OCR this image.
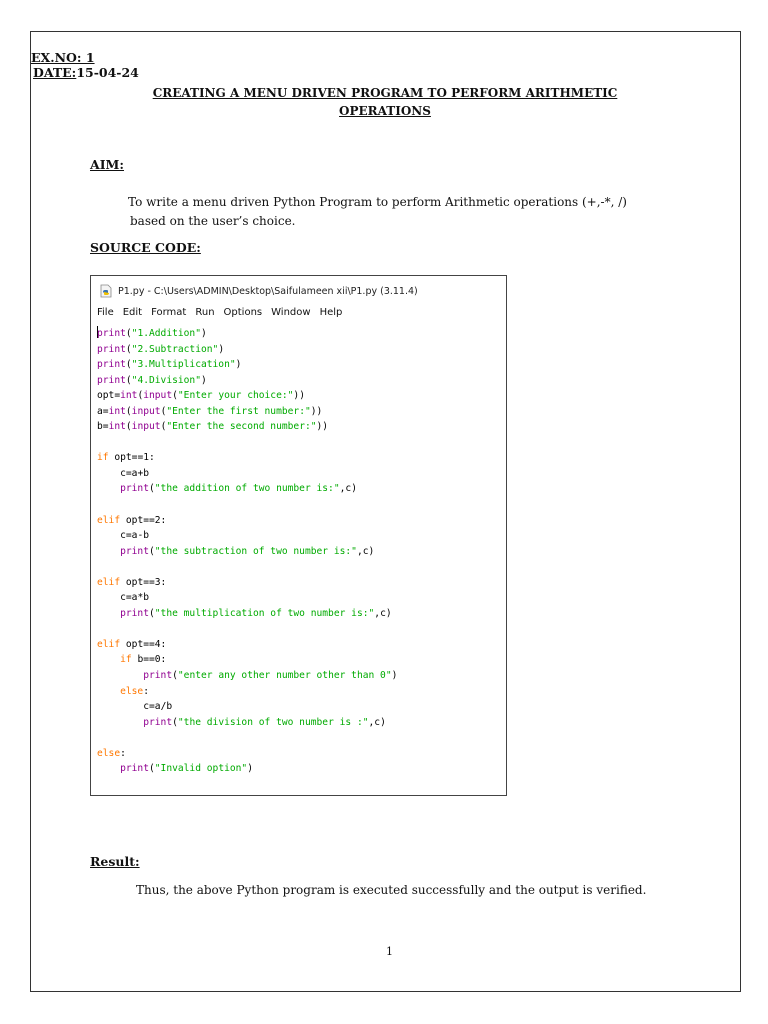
EX.NO: 1
DATE:15-04-24
CREATING A MENU DRIVEN PROGRAM TO PERFORM ARITHMETIC
OPERATIONS
AIM:
To write a menu driven Python Program to perform Arithmetic operations (+,-*, /)
based on the user’s choice.
SOURCE CODE:
P1.py - C:\Users\ADMIN\Desktop\Saifulameen xii\P1.py (3.11.4)
File Edit Format Run Options Window Help
print("1.Addition")
print("2.Subtraction")
print("3.Multiplication")
print("4.Division")
opt=int(input("Enter your choice:"))
a=int(input("Enter the first number:"))
b=int(input("Enter the second number:"))

if opt==1:
c=a+b
print("the addition of two number is:",c)

elif opt==2:
c=a-b
print("the subtraction of two number is:",c)

elif opt==3:
c=a*b
print("the multiplication of two number is:",c)

elif opt==4:
if b==0:
print("enter any other number other than 0")
else:
c=a/b
print("the division of two number is :",c)

else:
print("Invalid option")
Result:
Thus, the above Python program is executed successfully and the output is verified.
1
